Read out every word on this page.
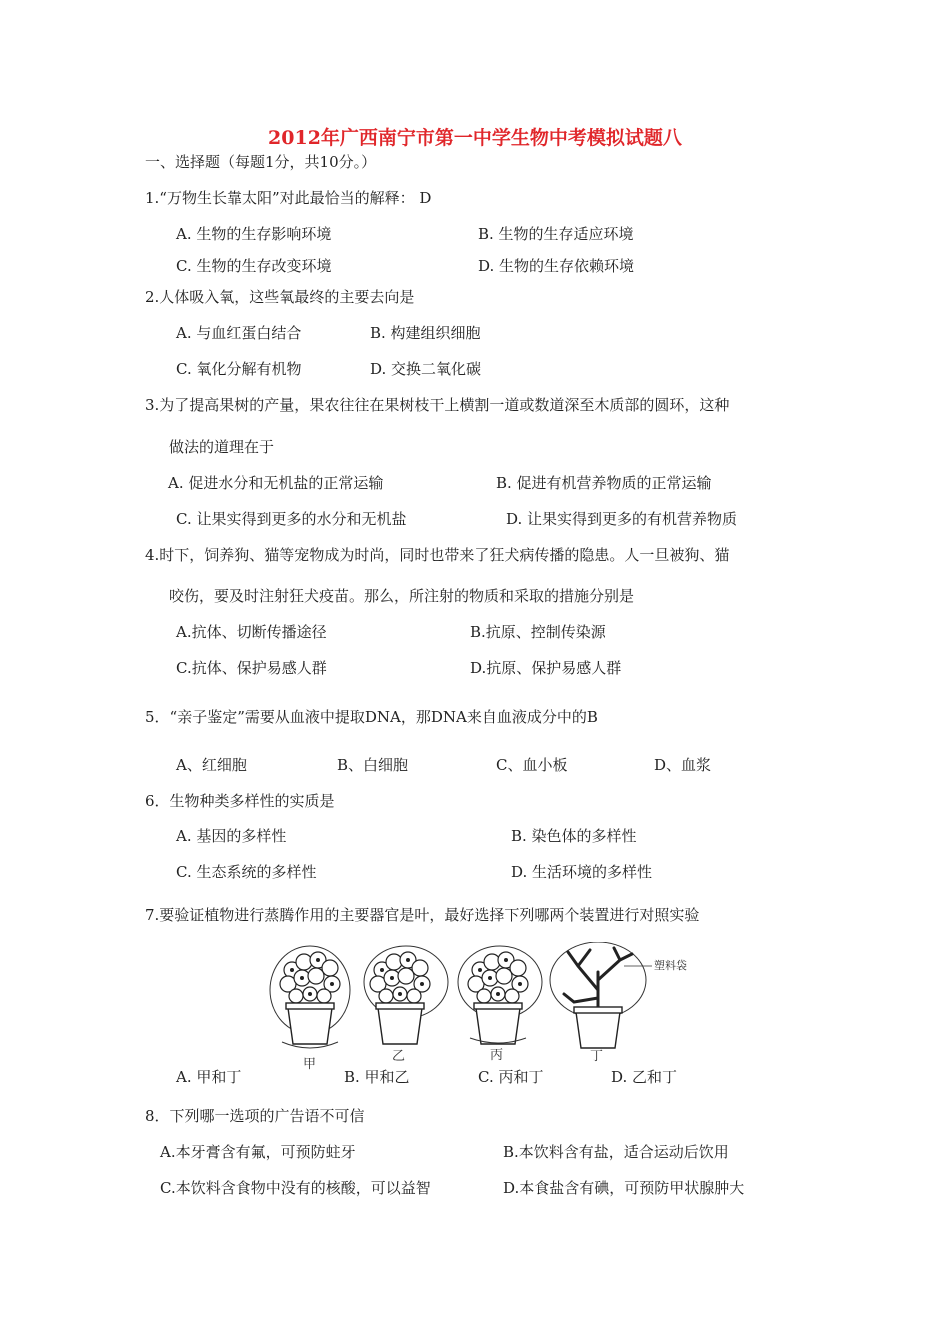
2012年广西南宁市第一中学生物中考模拟试题八
一、选择题（每题1分，共10分。）
1.“万物生长靠太阳”对此最恰当的解释： D
A. 生物的生存影响环境	B. 生物的生存适应环境
C. 生物的生存改变环境	D. 生物的生存依赖环境
2.人体吸入氧，这些氧最终的主要去向是
A. 与血红蛋白结合	B. 构建组织细胞
C. 氧化分解有机物	D. 交换二氧化碳
3.为了提高果树的产量，果农往往在果树枝干上横割一道或数道深至木质部的圆环，这种
做法的道理在于
A. 促进水分和无机盐的正常运输	B. 促进有机营养物质的正常运输
C. 让果实得到更多的水分和无机盐	D. 让果实得到更多的有机营养物质
4.时下，饲养狗、猫等宠物成为时尚，同时也带来了狂犬病传播的隐患。人一旦被狗、猫
咬伤，要及时注射狂犬疫苗。那么，所注射的物质和采取的措施分别是
A.抗体、切断传播途径	B.抗原、控制传染源
C.抗体、保护易感人群	D.抗原、保护易感人群
5．“亲子鉴定”需要从血液中提取DNA，那DNA来自血液成分中的B
A、红细胞	B、白细胞	C、血小板	D、血浆
6．生物种类多样性的实质是
A. 基因的多样性	B. 染色体的多样性
C. 生态系统的多样性	D. 生活环境的多样性
7.要验证植物进行蒸腾作用的主要器官是叶，最好选择下列哪两个装置进行对照实验
塑料袋
甲
乙	丙	丁
A. 甲和丁	B. 甲和乙	C. 丙和丁	D. 乙和丁
8．下列哪一选项的广告语不可信
A.本牙膏含有氟，可预防蛀牙	B.本饮料含有盐，适合运动后饮用
C.本饮料含食物中没有的核酸，可以益智	D.本食盐含有碘，可预防甲状腺肿大
